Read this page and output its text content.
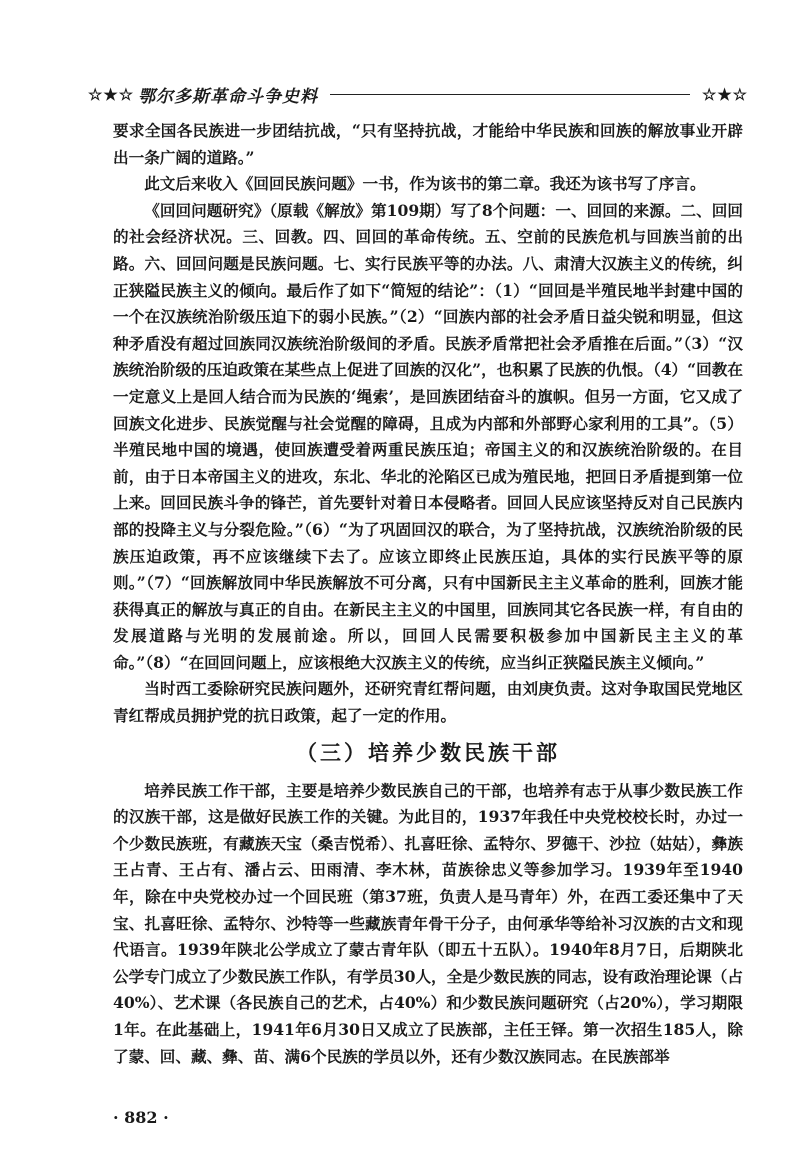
☆★☆ 鄂尔多斯革命斗争史料	☆★☆

要求全国各民族进一步团结抗战，“只有坚持抗战，才能给中华民族和回族的解放事业开辟出一条广阔的道路。”

此文后来收入《回回民族问题》一书，作为该书的第二章。我还为该书写了序言。

《回回问题研究》（原载《解放》第109期）写了8个问题：一、回回的来源。二、回回的社会经济状况。三、回教。四、回回的革命传统。五、空前的民族危机与回族当前的出路。六、回回问题是民族问题。七、实行民族平等的办法。八、肃清大汉族主义的传统，纠正狭隘民族主义的倾向。最后作了如下“简短的结论”：（1）“回回是半殖民地半封建中国的一个在汉族统治阶级压迫下的弱小民族。”（2）“回族内部的社会矛盾日益尖锐和明显，但这种矛盾没有超过回族同汉族统治阶级间的矛盾。民族矛盾常把社会矛盾推在后面。”（3）“汉族统治阶级的压迫政策在某些点上促进了回族的汉化”，也积累了民族的仇恨。（4）“回教在一定意义上是回人结合而为民族的‘绳索’，是回族团结奋斗的旗帜。但另一方面，它又成了回族文化进步、民族觉醒与社会觉醒的障碍，且成为内部和外部野心家利用的工具”。（5）半殖民地中国的境遇，使回族遭受着两重民族压迫；帝国主义的和汉族统治阶级的。在目前，由于日本帝国主义的进攻，东北、华北的沦陷区已成为殖民地，把回日矛盾提到第一位上来。回回民族斗争的锋芒，首先要针对着日本侵略者。回回人民应该坚持反对自己民族内部的投降主义与分裂危险。”（6）“为了巩固回汉的联合，为了坚持抗战，汉族统治阶级的民族压迫政策，再不应该继续下去了。应该立即终止民族压迫，具体的实行民族平等的原则。”（7）“回族解放同中华民族解放不可分离，只有中国新民主主义革命的胜利，回族才能获得真正的解放与真正的自由。在新民主主义的中国里，回族同其它各民族一样，有自由的发展道路与光明的发展前途。所以，回回人民需要积极参加中国新民主主义的革命。”（8）“在回回问题上，应该根绝大汉族主义的传统，应当纠正狭隘民族主义倾向。”

当时西工委除研究民族问题外，还研究青红帮问题，由刘庚负责。这对争取国民党地区青红帮成员拥护党的抗日政策，起了一定的作用。

（三）培养少数民族干部

培养民族工作干部，主要是培养少数民族自己的干部，也培养有志于从事少数民族工作的汉族干部，这是做好民族工作的关键。为此目的，1937年我任中央党校校长时，办过一个少数民族班，有藏族天宝（桑吉悦希）、扎喜旺徐、孟特尔、罗德干、沙拉（姑姑），彝族王占青、王占有、潘占云、田雨清、李木林，苗族徐忠义等参加学习。1939年至1940年，除在中央党校办过一个回民班（第37班，负责人是马青年）外，在西工委还集中了天宝、扎喜旺徐、孟特尔、沙特等一些藏族青年骨干分子，由何承华等给补习汉族的古文和现代语言。1939年陕北公学成立了蒙古青年队（即五十五队）。1940年8月7日，后期陕北公学专门成立了少数民族工作队，有学员30人，全是少数民族的同志，设有政治理论课（占40%）、艺术课（各民族自己的艺术，占40%）和少数民族问题研究（占20%），学习期限1年。在此基础上，1941年6月30日又成立了民族部，主任王铎。第一次招生185人，除了蒙、回、藏、彝、苗、满6个民族的学员以外，还有少数汉族同志。在民族部举

· 882 ·
